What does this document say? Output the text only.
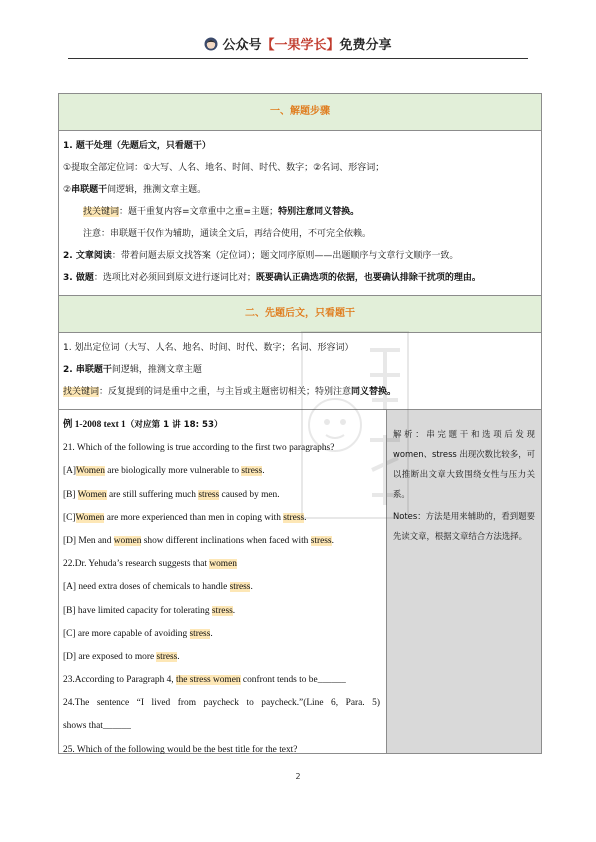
公众号【一果学长】免费分享
一、解题步骤
1. 题干处理（先题后文，只看题干）
①提取全部定位词：①大写、人名、地名、时间、时代、数字；②名词、形容词；
②串联题干间逻辑，推测文章主题。
找关键词：题干重复内容=文章重中之重=主题；特别注意同义替换。
注意：串联题干仅作为辅助，通读全文后，再结合使用，不可完全依赖。
2. 文章阅读：带着问题去原文找答案（定位词）；题文同序原则——出题顺序与文章行文顺序一致。
3. 做题：选项比对必须回到原文进行逐词比对；既要确认正确选项的依据，也要确认排除干扰项的理由。
二、先题后文，只看题干
1. 划出定位词（大写、人名、地名、时间、时代、数字；名词、形容词）
2. 串联题干间逻辑，推测文章主题
找关键词：反复提到的词是重中之重，与主旨或主题密切相关；特别注意同义替换。
例 1-2008 text 1（对应第 1 讲 18: 53）
21. Which of the following is true according to the first two paragraphs?
[A]Women are biologically more vulnerable to stress.
[B] Women are still suffering much stress caused by men.
[C]Women are more experienced than men in coping with stress.
[D] Men and women show different inclinations when faced with stress.
22.Dr. Yehuda’s research suggests that women
[A] need extra doses of chemicals to handle stress.
[B] have limited capacity for tolerating stress.
[C] are more capable of avoiding stress.
[D] are exposed to more stress.
23.According to Paragraph 4, the stress women confront tends to be______
24.The sentence “I lived from paycheck to paycheck.”(Line 6, Para. 5)
shows that______
25. Which of the following would be the best title for the text?

解析：串完题干和选项后发现 women、stress 出现次数比较多，可以推断出文章大致围绕女性与压力关系。

Notes：方法是用来辅助的，看到题要先读文章，根据文章结合方法选择。

2
